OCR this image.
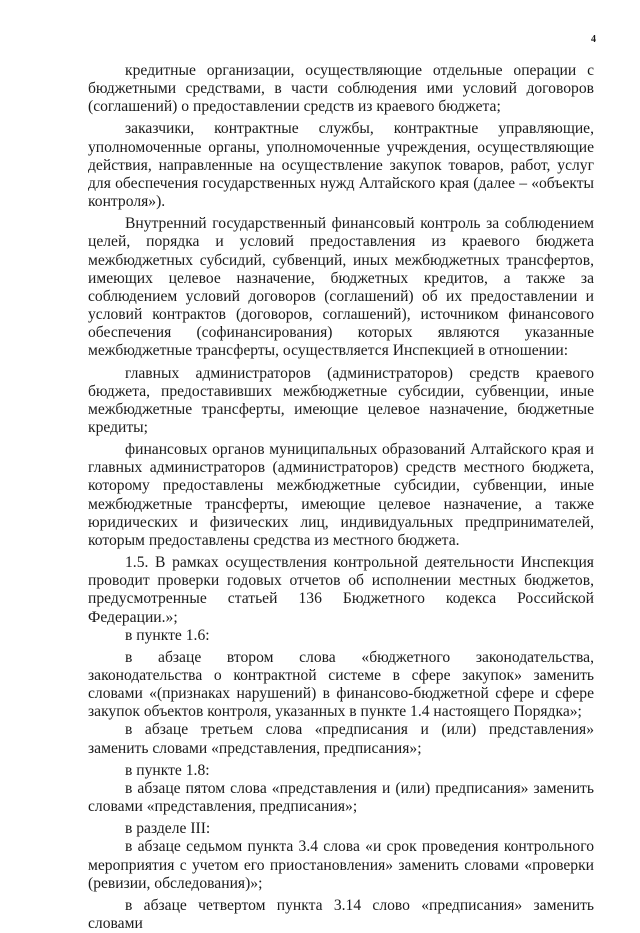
4

кредитные организации, осуществляющие отдельные операции с бюджетными средствами, в части соблюдения ими условий договоров (соглашений) о предоставлении средств из краевого бюджета;

заказчики, контрактные службы, контрактные управляющие, уполномоченные органы, уполномоченные учреждения, осуществляющие действия, направленные на осуществление закупок товаров, работ, услуг для обеспечения государственных нужд Алтайского края (далее – «объекты контроля»).

Внутренний государственный финансовый контроль за соблюдением целей, порядка и условий предоставления из краевого бюджета межбюджетных субсидий, субвенций, иных межбюджетных трансфертов, имеющих целевое назначение, бюджетных кредитов, а также за соблюдением условий договоров (соглашений) об их предоставлении и условий контрактов (договоров, соглашений), источником финансового обеспечения (софинансирования) которых являются указанные межбюджетные трансферты, осуществляется Инспекцией в отношении:

главных администраторов (администраторов) средств краевого бюджета, предоставивших межбюджетные субсидии, субвенции, иные межбюджетные трансферты, имеющие целевое назначение, бюджетные кредиты;

финансовых органов муниципальных образований Алтайского края и главных администраторов (администраторов) средств местного бюджета, которому предоставлены межбюджетные субсидии, субвенции, иные межбюджетные трансферты, имеющие целевое назначение, а также юридических и физических лиц, индивидуальных предпринимателей, которым предоставлены средства из местного бюджета.

1.5. В рамках осуществления контрольной деятельности Инспекция проводит проверки годовых отчетов об исполнении местных бюджетов, предусмотренные статьей 136 Бюджетного кодекса Российской Федерации.»;

в пункте 1.6:

в абзаце втором слова «бюджетного законодательства, законодательства о контрактной системе в сфере закупок» заменить словами «(признаках нарушений) в финансово-бюджетной сфере и сфере закупок объектов контроля, указанных в пункте 1.4 настоящего Порядка»;

в абзаце третьем слова «предписания и (или) представления» заменить словами «представления, предписания»;

в пункте 1.8:

в абзаце пятом слова «представления и (или) предписания» заменить словами «представления, предписания»;

в разделе III:

в абзаце седьмом пункта 3.4 слова «и срок проведения контрольного мероприятия с учетом его приостановления» заменить словами «проверки (ревизии, обследования)»;

в абзаце четвертом пункта 3.14 слово «предписания» заменить словами
